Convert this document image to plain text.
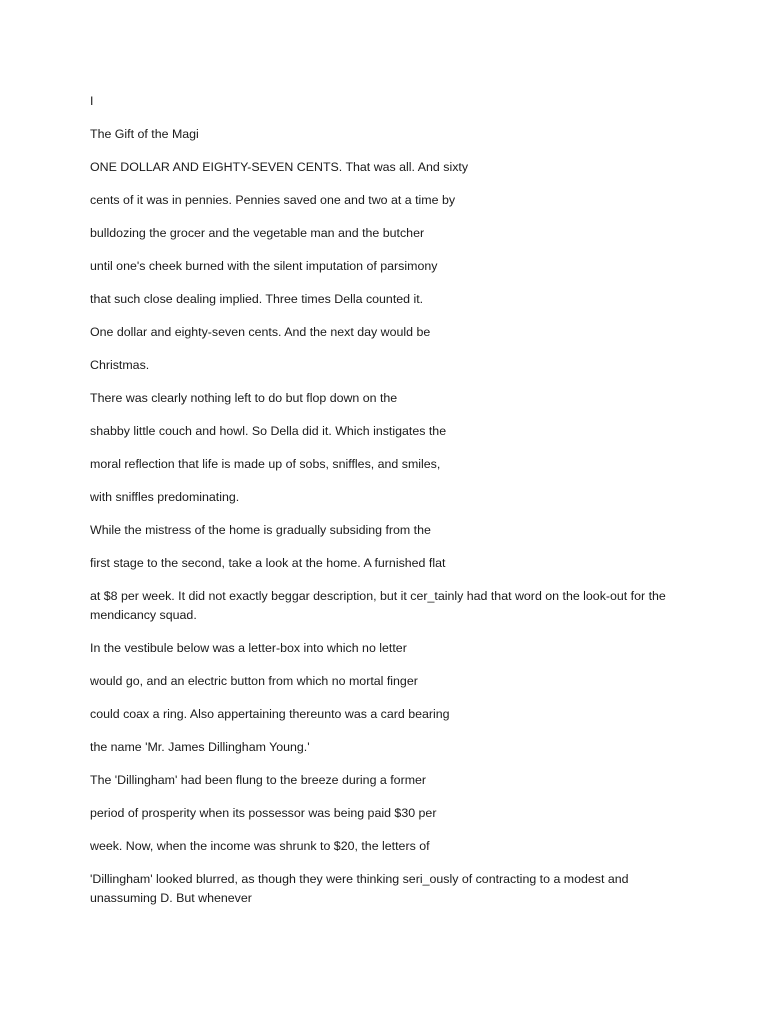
I

The Gift of the Magi

ONE DOLLAR AND EIGHTY-SEVEN CENTS. That was all. And sixty

cents of it was in pennies. Pennies saved one and two at a time by

bulldozing the grocer and the vegetable man and the butcher

until one's cheek burned with the silent imputation of parsimony

that such close dealing implied. Three times Della counted it.

One dollar and eighty-seven cents. And the next day would be

Christmas.

There was clearly nothing left to do but flop down on the

shabby little couch and howl. So Della did it. Which instigates the

moral reflection that life is made up of sobs, sniffles, and smiles,

with sniffles predominating.

While the mistress of the home is gradually subsiding from the

first stage to the second, take a look at the home. A furnished flat

at $8 per week. It did not exactly beggar description, but it cer_tainly had that word on the look-out for the mendicancy squad.

In the vestibule below was a letter-box into which no letter

would go, and an electric button from which no mortal finger

could coax a ring. Also appertaining thereunto was a card bearing

the name 'Mr. James Dillingham Young.'

The 'Dillingham' had been flung to the breeze during a former

period of prosperity when its possessor was being paid $30 per

week. Now, when the income was shrunk to $20, the letters of

'Dillingham' looked blurred, as though they were thinking seri_ously of contracting to a modest and unassuming D. But whenever
